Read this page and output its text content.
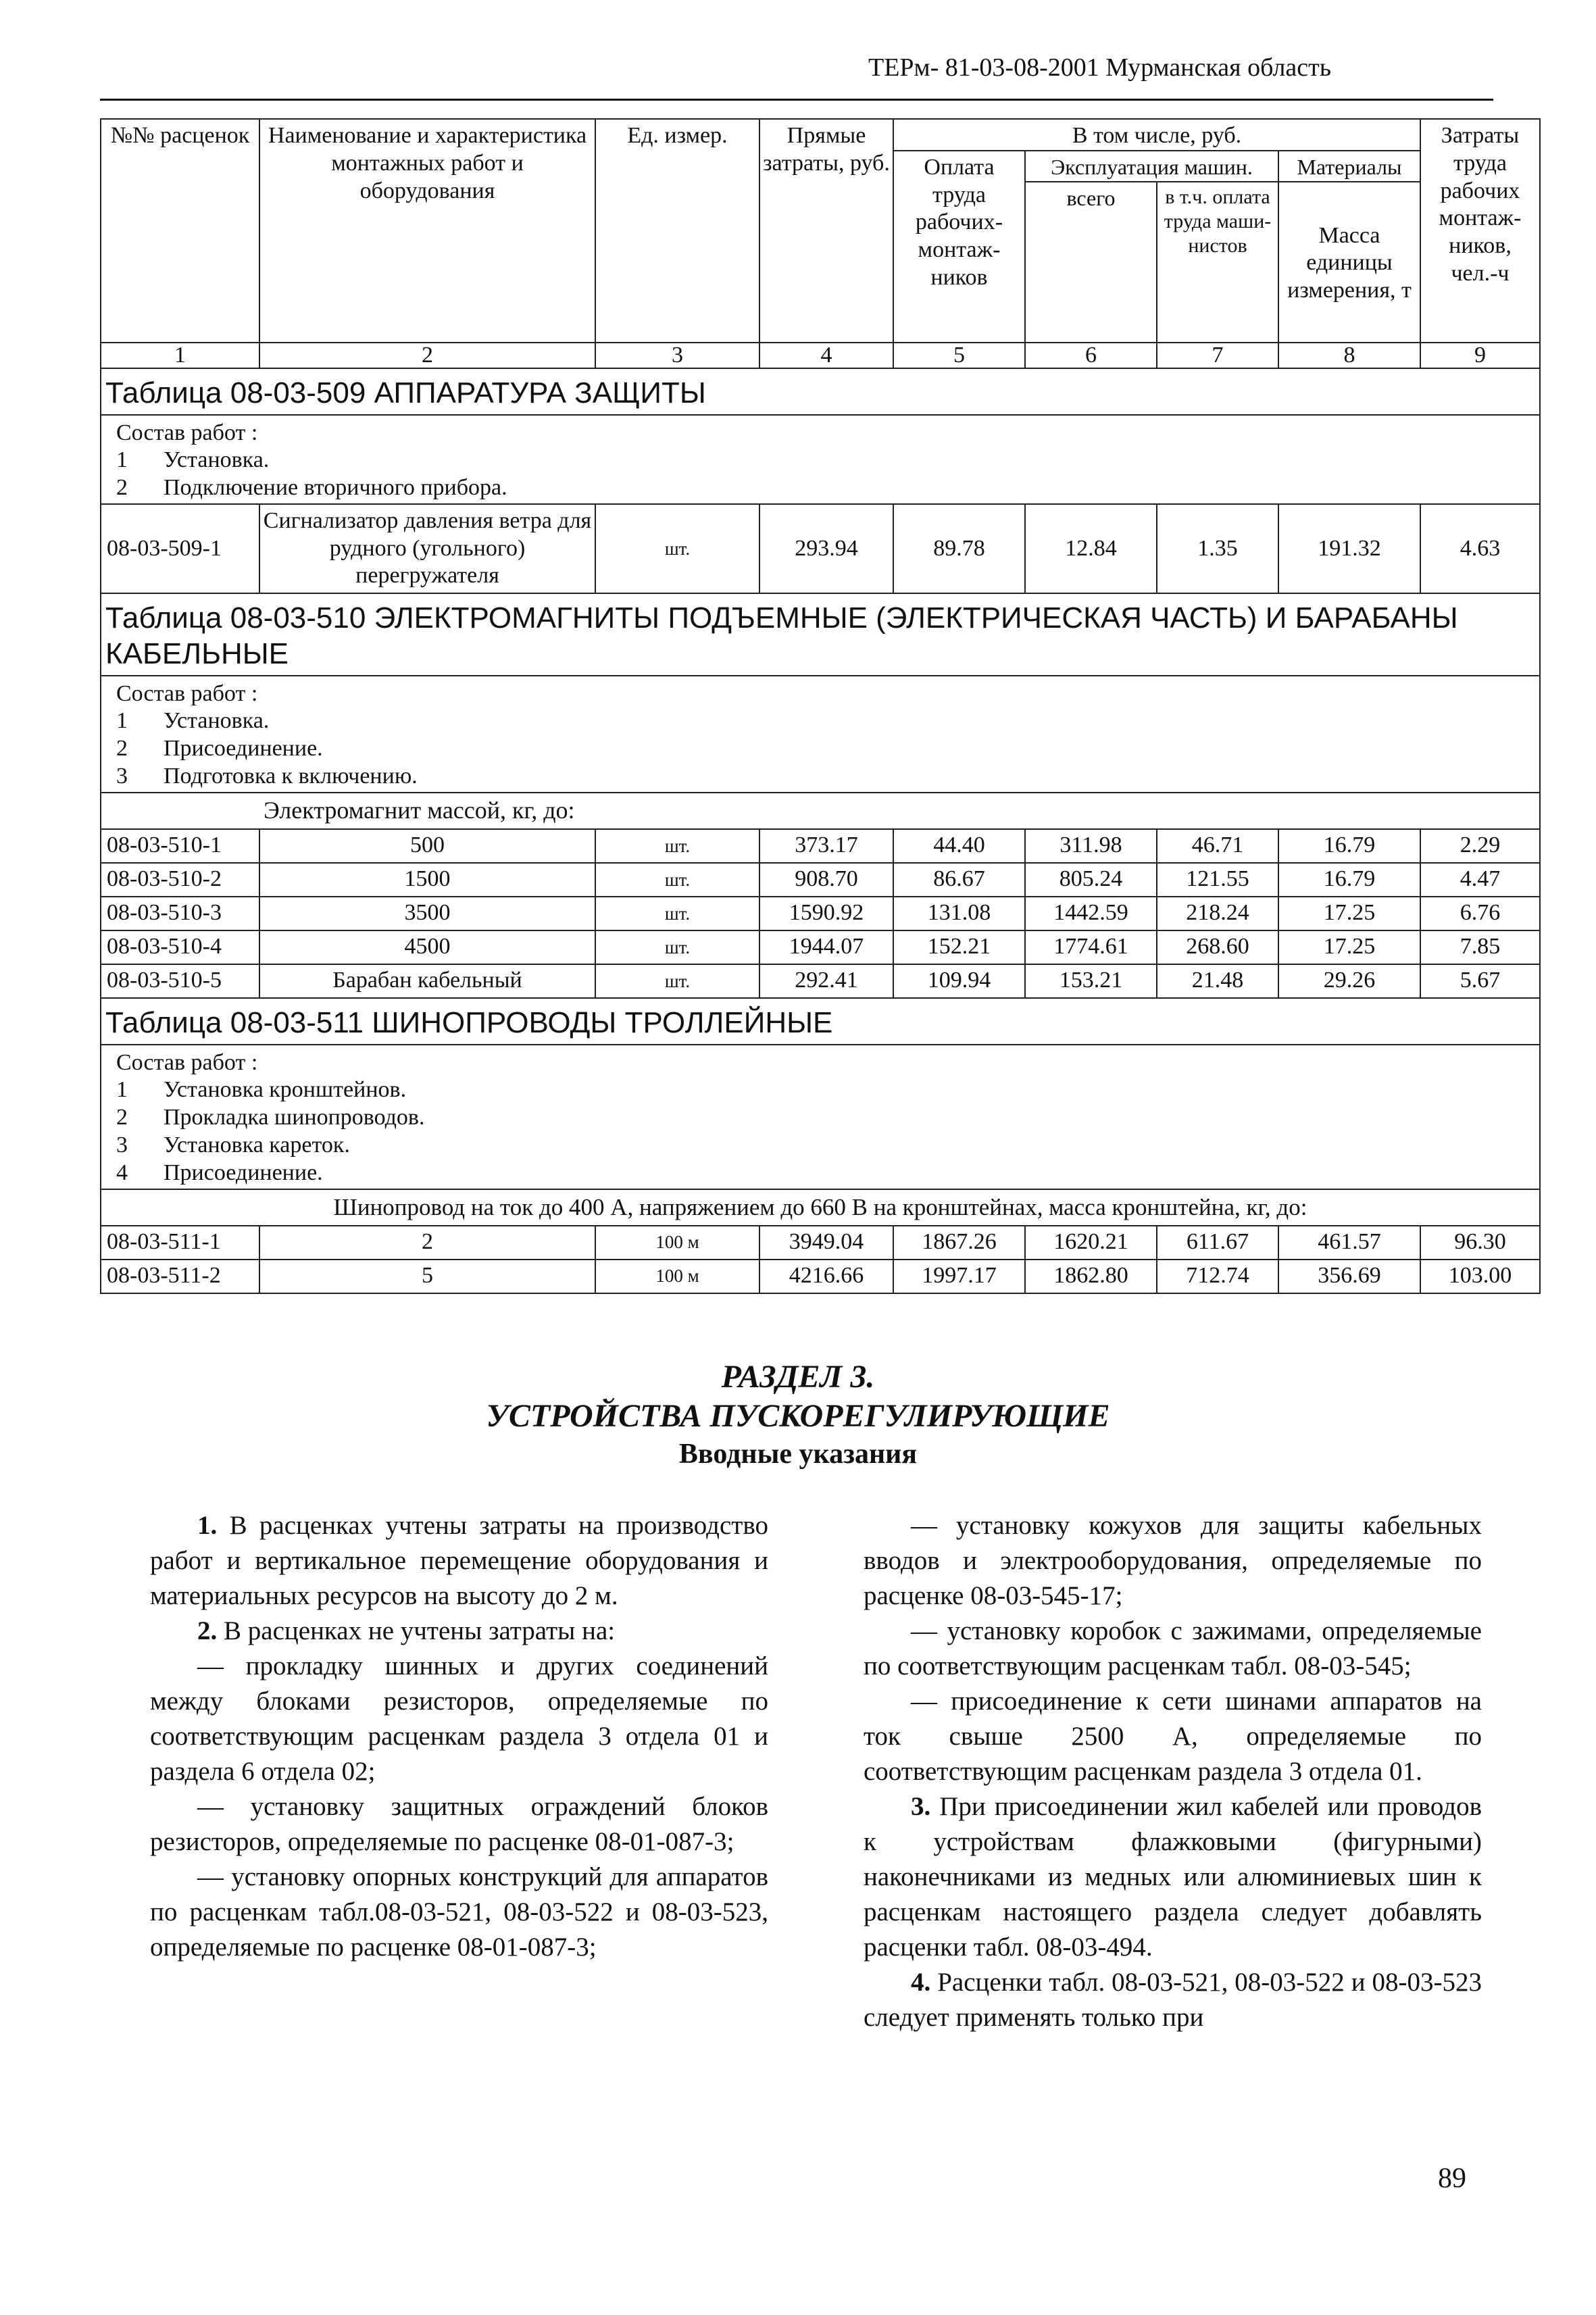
ТЕРм- 81-03-08-2001 Мурманская область
№№ расценок	Наименование и характеристика монтажных работ и оборудования	Ед. измер.	Прямые затраты, руб.	В том числе, руб.				Затраты труда рабочих монтаж-ников, чел.-ч
				Оплата труда рабочих-монтаж-ников	Эксплуатация машин.		Материалы	
					всего	в т.ч. оплата труда маши-нистов	Масса единицы измерения, т	
1	2	3	4	5	6	7	8	9
Таблица 08-03-509 АППАРАТУРА ЗАЩИТЫ								

Состав работ :
1 Установка.
2 Подключение вторичного прибора.								

08-03-509-1	Сигнализатор давления ветра для рудного (угольного) перегружателя	шт.	293.94	89.78	12.84	1.35	191.32	4.63
Таблица 08-03-510 ЭЛЕКТРОМАГНИТЫ ПОДЪЕМНЫЕ (ЭЛЕКТРИЧЕСКАЯ ЧАСТЬ) И БАРАБАНЫ КАБЕЛЬНЫЕ								

Состав работ :
1 Установка.
2 Присоединение.
3 Подготовка к включению.								

Электромагнит массой, кг, до:								
08-03-510-1	500	шт.	373.17	44.40	311.98	46.71	16.79	2.29
08-03-510-2	1500	шт.	908.70	86.67	805.24	121.55	16.79	4.47
08-03-510-3	3500	шт.	1590.92	131.08	1442.59	218.24	17.25	6.76
08-03-510-4	4500	шт.	1944.07	152.21	1774.61	268.60	17.25	7.85
08-03-510-5	Барабан кабельный	шт.	292.41	109.94	153.21	21.48	29.26	5.67
Таблица 08-03-511 ШИНОПРОВОДЫ ТРОЛЛЕЙНЫЕ								

Состав работ :
1 Установка кронштейнов.
2 Прокладка шинопроводов.
3 Установка кареток.
4 Присоединение.								

Шинопровод на ток до 400 А, напряжением до 660 В на кронштейнах, масса кронштейна, кг, до:								
08-03-511-1	2	100 м	3949.04	1867.26	1620.21	611.67	461.57	96.30
08-03-511-2	5	100 м	4216.66	1997.17	1862.80	712.74	356.69	103.00
РАЗДЕЛ 3.
УСТРОЙСТВА ПУСКОРЕГУЛИРУЮЩИЕ
Вводные указания

1. В расценках учтены затраты на производство работ и вертикальное перемещение оборудования и материальных ресурсов на высоту до 2 м.

2. В расценках не учтены затраты на:

— прокладку шинных и других соединений между блоками резисторов, определяемые по соответствующим расценкам раздела 3 отдела 01 и раздела 6 отдела 02;

— установку защитных ограждений блоков резисторов, определяемые по расценке 08-01-087-3;

— установку опорных конструкций для аппаратов по расценкам табл.08-03-521, 08-03-522 и 08-03-523, определяемые по расценке 08-01-087-3;

— установку кожухов для защиты кабельных вводов и электрооборудования, определяемые по расценке 08-03-545-17;

— установку коробок с зажимами, определяемые по соответствующим расценкам табл. 08-03-545;

— присоединение к сети шинами аппаратов на ток свыше 2500 А, определяемые по соответствующим расценкам раздела 3 отдела 01.

3. При присоединении жил кабелей или проводов к устройствам флажковыми (фигурными) наконечниками из медных или алюминиевых шин к расценкам настоящего раздела следует добавлять расценки табл. 08-03-494.

4. Расценки табл. 08-03-521, 08-03-522 и 08-03-523 следует применять только при

89
